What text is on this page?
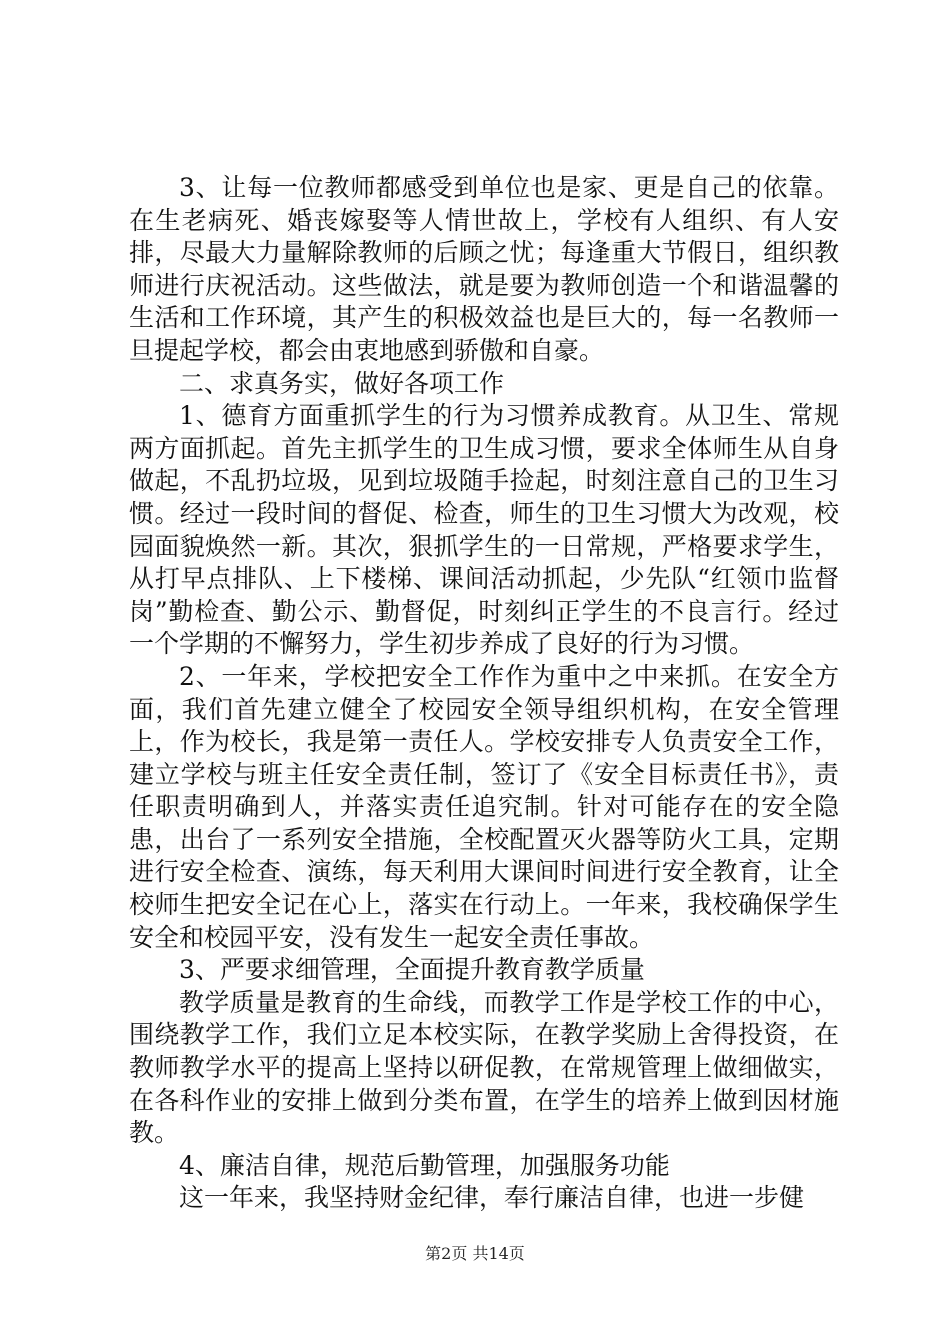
3、让每一位教师都感受到单位也是家、更是自己的依靠。在生老病死、婚丧嫁娶等人情世故上，学校有人组织、有人安排，尽最大力量解除教师的后顾之忧；每逢重大节假日，组织教师进行庆祝活动。这些做法，就是要为教师创造一个和谐温馨的生活和工作环境，其产生的积极效益也是巨大的，每一名教师一旦提起学校，都会由衷地感到骄傲和自豪。

二、求真务实，做好各项工作

1、德育方面重抓学生的行为习惯养成教育。从卫生、常规两方面抓起。首先主抓学生的卫生成习惯，要求全体师生从自身做起，不乱扔垃圾，见到垃圾随手捡起，时刻注意自己的卫生习惯。经过一段时间的督促、检查，师生的卫生习惯大为改观，校园面貌焕然一新。其次，狠抓学生的一日常规，严格要求学生，从打早点排队、上下楼梯、课间活动抓起，少先队“红领巾监督岗”勤检查、勤公示、勤督促，时刻纠正学生的不良言行。经过一个学期的不懈努力，学生初步养成了良好的行为习惯。

2、一年来，学校把安全工作作为重中之中来抓。在安全方面，我们首先建立健全了校园安全领导组织机构，在安全管理上，作为校长，我是第一责任人。学校安排专人负责安全工作，建立学校与班主任安全责任制，签订了《安全目标责任书》，责任职责明确到人，并落实责任追究制。针对可能存在的安全隐患，出台了一系列安全措施，全校配置灭火器等防火工具，定期进行安全检查、演练，每天利用大课间时间进行安全教育，让全校师生把安全记在心上，落实在行动上。一年来，我校确保学生安全和校园平安，没有发生一起安全责任事故。

3、严要求细管理，全面提升教育教学质量

教学质量是教育的生命线，而教学工作是学校工作的中心，围绕教学工作，我们立足本校实际，在教学奖励上舍得投资，在教师教学水平的提高上坚持以研促教，在常规管理上做细做实，在各科作业的安排上做到分类布置，在学生的培养上做到因材施教。

4、廉洁自律，规范后勤管理，加强服务功能

这一年来，我坚持财金纪律，奉行廉洁自律，也进一步健

第2页 共14页
